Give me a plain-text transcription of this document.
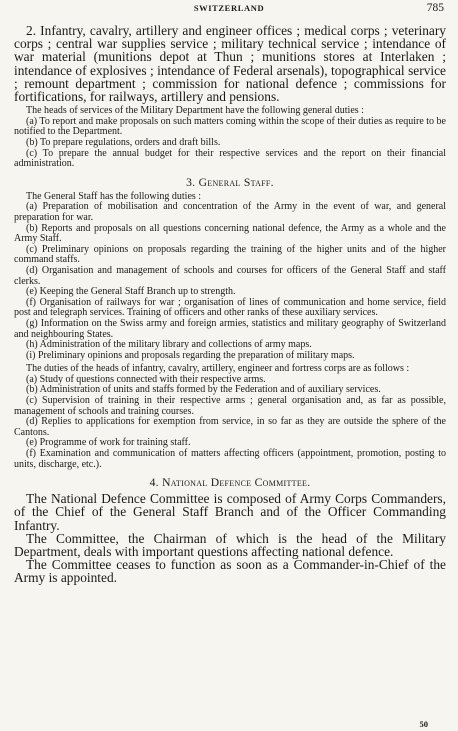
SWITZERLAND	785

2. Infantry, cavalry, artillery and engineer offices ; medical corps ; veterinary corps ; central war supplies service ; military technical service ; intendance of war material (munitions depot at Thun ; munitions stores at Interlaken ; intendance of explosives ; intendance of Federal arsenals), topographical service ; remount department ; commission for national defence ; commissions for fortifications, for railways, artillery and pensions.

The heads of services of the Military Department have the following general duties :

(a) To report and make proposals on such matters coming within the scope of their duties as require to be notified to the Department.

(b) To prepare regulations, orders and draft bills.

(c) To prepare the annual budget for their respective services and the report on their financial administration.

3. General Staff.

The General Staff has the following duties :

(a) Preparation of mobilisation and concentration of the Army in the event of war, and general preparation for war.

(b) Reports and proposals on all questions concerning national defence, the Army as a whole and the Army Staff.

(c) Preliminary opinions on proposals regarding the training of the higher units and of the higher command staffs.

(d) Organisation and management of schools and courses for officers of the General Staff and staff clerks.

(e) Keeping the General Staff Branch up to strength.

(f) Organisation of railways for war ; organisation of lines of communication and home service, field post and telegraph services. Training of officers and other ranks of these auxiliary services.

(g) Information on the Swiss army and foreign armies, statistics and military geography of Switzerland and neighbouring States.

(h) Administration of the military library and collections of army maps.

(i) Preliminary opinions and proposals regarding the preparation of military maps.

The duties of the heads of infantry, cavalry, artillery, engineer and fortress corps are as follows :

(a) Study of questions connected with their respective arms.

(b) Administration of units and staffs formed by the Federation and of auxiliary services.

(c) Supervision of training in their respective arms ; general organisation and, as far as possible, management of schools and training courses.

(d) Replies to applications for exemption from service, in so far as they are outside the sphere of the Cantons.

(e) Programme of work for training staff.

(f) Examination and communication of matters affecting officers (appointment, promotion, posting to units, discharge, etc.).

4. National Defence Committee.

The National Defence Committee is composed of Army Corps Commanders, of the Chief of the General Staff Branch and of the Officer Commanding Infantry.

The Committee, the Chairman of which is the head of the Military Department, deals with important questions affecting national defence.

The Committee ceases to function as soon as a Commander-in-Chief of the Army is appointed.

50
